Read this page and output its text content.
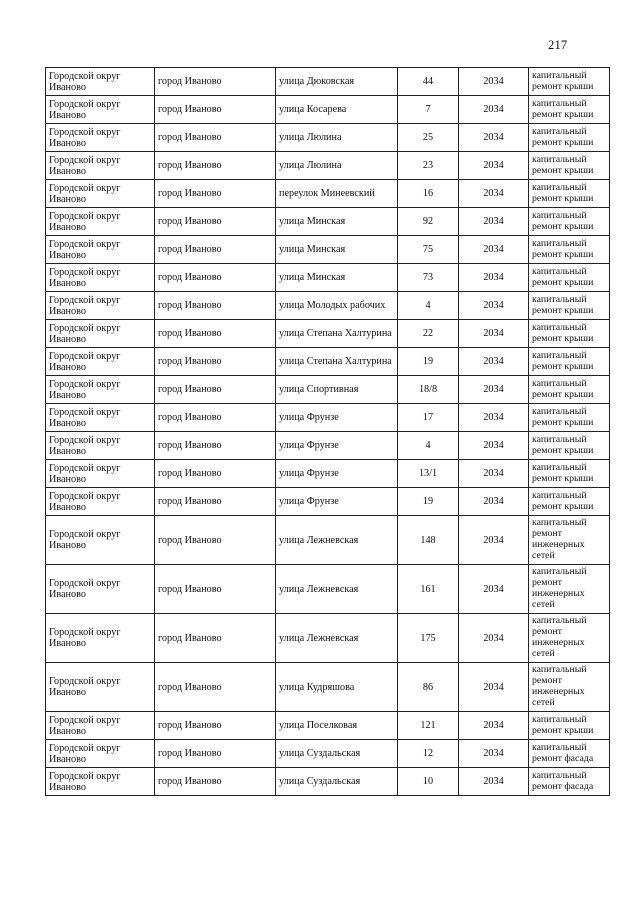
217
Городской округ Иваново	город Иваново	улица Дюковская	44	2034	капитальный ремонт крыши
Городской округ Иваново	город Иваново	улица Косарева	7	2034	капитальный ремонт крыши
Городской округ Иваново	город Иваново	улица Люлина	25	2034	капитальный ремонт крыши
Городской округ Иваново	город Иваново	улица Люлина	23	2034	капитальный ремонт крыши
Городской округ Иваново	город Иваново	переулок Минеевский	16	2034	капитальный ремонт крыши
Городской округ Иваново	город Иваново	улица Минская	92	2034	капитальный ремонт крыши
Городской округ Иваново	город Иваново	улица Минская	75	2034	капитальный ремонт крыши
Городской округ Иваново	город Иваново	улица Минская	73	2034	капитальный ремонт крыши
Городской округ Иваново	город Иваново	улица Молодых рабочих	4	2034	капитальный ремонт крыши
Городской округ Иваново	город Иваново	улица Степана Халтурина	22	2034	капитальный ремонт крыши
Городской округ Иваново	город Иваново	улица Степана Халтурина	19	2034	капитальный ремонт крыши
Городской округ Иваново	город Иваново	улица Спортивная	18/8	2034	капитальный ремонт крыши
Городской округ Иваново	город Иваново	улица Фрунзе	17	2034	капитальный ремонт крыши
Городской округ Иваново	город Иваново	улица Фрунзе	4	2034	капитальный ремонт крыши
Городской округ Иваново	город Иваново	улица Фрунзе	13/1	2034	капитальный ремонт крыши
Городской округ Иваново	город Иваново	улица Фрунзе	19	2034	капитальный ремонт крыши
Городской округ Иваново	город Иваново	улица Лежневская	148	2034	капитальный ремонт инженерных сетей
Городской округ Иваново	город Иваново	улица Лежневская	161	2034	капитальный ремонт инженерных сетей
Городской округ Иваново	город Иваново	улица Лежневская	175	2034	капитальный ремонт инженерных сетей
Городской округ Иваново	город Иваново	улица Кудряшова	86	2034	капитальный ремонт инженерных сетей
Городской округ Иваново	город Иваново	улица Поселковая	121	2034	капитальный ремонт крыши
Городской округ Иваново	город Иваново	улица Суздальская	12	2034	капитальный ремонт фасада
Городской округ Иваново	город Иваново	улица Суздальская	10	2034	капитальный ремонт фасада
